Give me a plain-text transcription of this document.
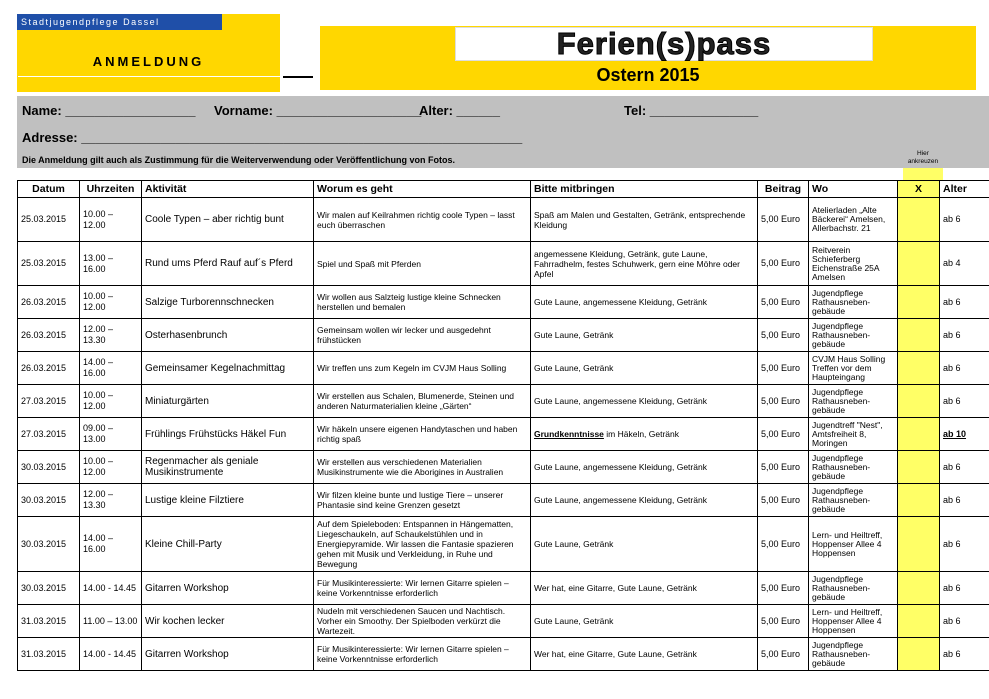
Stadtjugendpflege Dassel
ANMELDUNG
Ferien(s)pass
Ostern 2015
Name: __________________ Vorname: ____________________
Alter: ______	Tel: _______________
Adresse: _____________________________________________________________
Die Anmeldung gilt auch als Zustimmung für die Weiterverwendung oder Veröffentlichung von Fotos.
Hier ankreuzen
Datum	Uhrzeiten	Aktivität	Worum es geht	Bitte mitbringen	Beitrag	Wo	X	Alter
25.03.2015	10.00 – 12.00	Coole Typen – aber richtig bunt	Wir malen auf Keilrahmen richtig coole Typen – lasst euch überraschen	Spaß am Malen und Gestalten, Getränk, entsprechende Kleidung	5,00 Euro	Atelierladen „Alte Bäckerei“ Amelsen, Allerbachstr. 21		ab 6
25.03.2015	13.00 – 16.00	Rund ums Pferd Rauf auf´s Pferd	Spiel und Spaß mit Pferden	angemessene Kleidung, Getränk, gute Laune, Fahrradhelm, festes Schuhwerk, gern eine Möhre oder Apfel	5,00 Euro	Reitverein Schieferberg Eichenstraße 25A Amelsen		ab 4
26.03.2015	10.00 – 12.00	Salzige Turborennschnecken	Wir wollen aus Salzteig lustige kleine Schnecken herstellen und bemalen	Gute Laune, angemessene Kleidung, Getränk	5,00 Euro	Jugendpflege Rathausneben-gebäude		ab 6
26.03.2015	12.00 – 13.30	Osterhasenbrunch	Gemeinsam wollen wir lecker und ausgedehnt frühstücken	Gute Laune, Getränk	5,00 Euro	Jugendpflege Rathausneben-gebäude		ab 6
26.03.2015	14.00 – 16.00	Gemeinsamer Kegelnachmittag	Wir treffen uns zum Kegeln im CVJM Haus Solling	Gute Laune, Getränk	5,00 Euro	CVJM Haus Solling Treffen vor dem Haupteingang		ab 6
27.03.2015	10.00 – 12.00	Miniaturgärten	Wir erstellen aus Schalen, Blumenerde, Steinen und anderen Naturmaterialien kleine „Gärten“	Gute Laune, angemessene Kleidung, Getränk	5,00 Euro	Jugendpflege Rathausneben-gebäude		ab 6
27.03.2015	09.00 – 13.00	Frühlings Frühstücks Häkel Fun	Wir häkeln unsere eigenen Handytaschen und haben richtig spaß	Grundkenntnisse im Häkeln, Getränk	5,00 Euro	Jugendtreff "Nest", Amtsfreiheit 8, Moringen		ab 10
30.03.2015	10.00 – 12.00	Regenmacher als geniale Musikinstrumente	Wir erstellen aus verschiedenen Materialien Musikinstrumente wie die Aborigines in Australien	Gute Laune, angemessene Kleidung, Getränk	5,00 Euro	Jugendpflege Rathausneben-gebäude		ab 6
30.03.2015	12.00 – 13.30	Lustige kleine Filztiere	Wir filzen kleine bunte und lustige Tiere – unserer Phantasie sind keine Grenzen gesetzt	Gute Laune, angemessene Kleidung, Getränk	5,00 Euro	Jugendpflege Rathausneben-gebäude		ab 6
30.03.2015	14.00 – 16.00	Kleine Chill-Party	Auf dem Spieleboden: Entspannen in Hängematten, Liegeschaukeln, auf Schaukelstühlen und in Energiepyramide. Wir lassen die Fantasie spazieren gehen mit Musik und Verkleidung, in Ruhe und Bewegung	Gute Laune, Getränk	5,00 Euro	Lern- und Heiltreff, Hoppenser Allee 4 Hoppensen		ab 6
30.03.2015	14.00 - 14.45	Gitarren Workshop	Für Musikinteressierte: Wir lernen Gitarre spielen – keine Vorkenntnisse erforderlich	Wer hat, eine Gitarre, Gute Laune, Getränk	5,00 Euro	Jugendpflege Rathausneben-gebäude		ab 6
31.03.2015	11.00 – 13.00	Wir kochen lecker	Nudeln mit verschiedenen Saucen und Nachtisch. Vorher ein Smoothy. Der Spielboden verkürzt die Wartezeit.	Gute Laune, Getränk	5,00 Euro	Lern- und Heiltreff, Hoppenser Allee 4 Hoppensen		ab 6
31.03.2015	14.00 - 14.45	Gitarren Workshop	Für Musikinteressierte: Wir lernen Gitarre spielen – keine Vorkenntnisse erforderlich	Wer hat, eine Gitarre, Gute Laune, Getränk	5,00 Euro	Jugendpflege Rathausneben-gebäude		ab 6
